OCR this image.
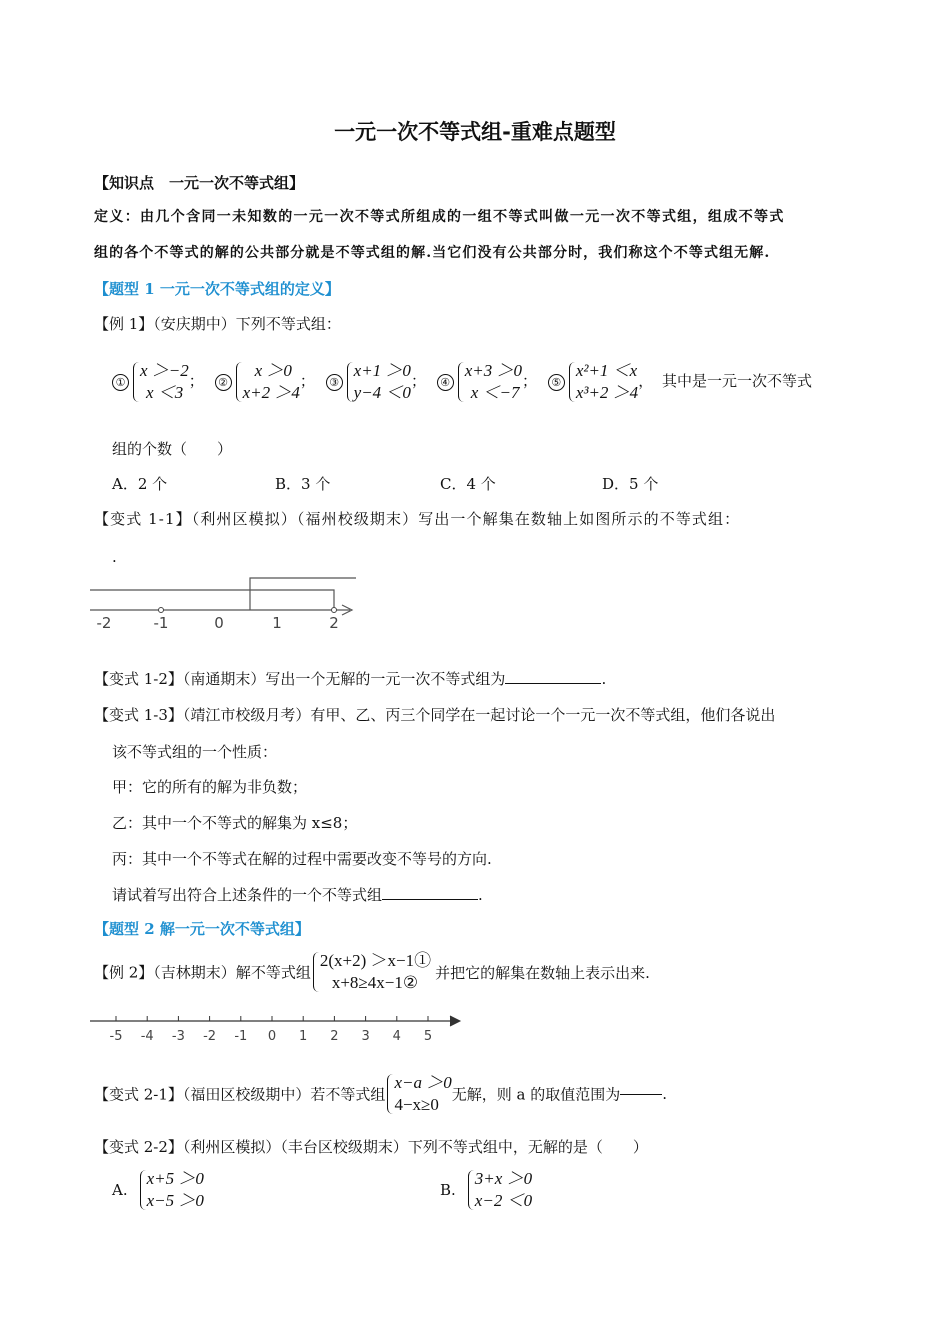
一元一次不等式组-重难点题型
【知识点　一元一次不等式组】
定义：由几个含同一未知数的一元一次不等式所组成的一组不等式叫做一元一次不等式组，组成不等式
组的各个不等式的解的公共部分就是不等式组的解.当它们没有公共部分时，我们称这个不等式组无解.
【题型 1 一元一次不等式组的定义】
【例 1】（安庆期中）下列不等式组：
①
x ＞−2
x ＜3
； ②
x ＞0
x+2 ＞4
； ③
x+1 ＞0
y−4 ＜0
； ④
x+3 ＞0
x ＜−7
； ⑤
x²+1 ＜x
x³+2 ＞4
， 其中是一元一次不等式
组的个数（　　）
A．2 个	B．3 个	C．4 个	D．5 个
【变式 1-1】（利州区模拟）（福州校级期末）写出一个解集在数轴上如图所示的不等式组：
.
-2	-1	0	1	2
【变式 1-2】（南通期末）写出一个无解的一元一次不等式组为	.
【变式 1-3】（靖江市校级月考）有甲、乙、丙三个同学在一起讨论一个一元一次不等式组，他们各说出
该不等式组的一个性质：
甲：它的所有的解为非负数；
乙：其中一个不等式的解集为 x≤8；
丙：其中一个不等式在解的过程中需要改变不等号的方向.
请试着写出符合上述条件的一个不等式组	.
【题型 2 解一元一次不等式组】
【例 2】（吉林期末）解不等式组
2(x+2) ＞x−1①
x+8≥4x−1②
并把它的解集在数轴上表示出来.
-5 -4 -3 -2 -1 0 1 2 3 4 5
【变式 2-1】（福田区校级期中）若不等式组
x−a ＞0
4−x≥0
无解，则 a 的取值范围为	.
【变式 2-2】（利州区模拟）（丰台区校级期末）下列不等式组中，无解的是（　　）
A.
x+5 ＞0
x−5 ＞0
B.
3+x ＞0
x−2 ＜0
